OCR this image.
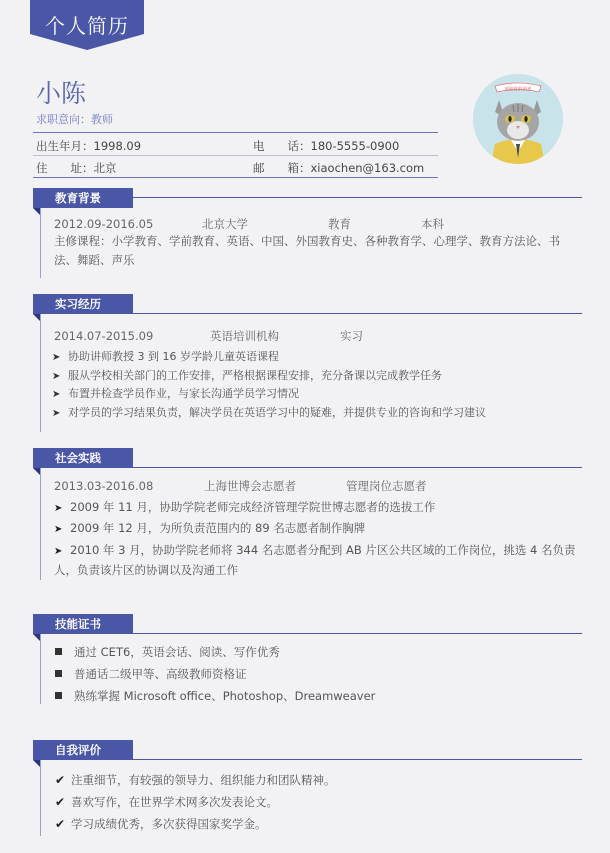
个人简历
小陈
求职意向：教师
欢迎你的到来
出生年月：1998.09	电　　话：180-5555-0900
住　　址：北京	邮　　箱：xiaochen@163.com
教育背景
2012.09-2016.05	北京大学	教育	本科
主修课程：小学教育、学前教育、英语、中国、外国教育史、各种教育学、心理学、教育方法论、书法、舞蹈、声乐
实习经历
2014.07-2015.09	英语培训机构	实习
➤ 协助讲师教授 3 到 16 岁学龄儿童英语课程
➤ 服从学校相关部门的工作安排，严格根据课程安排，充分备课以完成教学任务
➤ 布置并检查学员作业，与家长沟通学员学习情况
➤ 对学员的学习结果负责，解决学员在英语学习中的疑难，并提供专业的咨询和学习建议
社会实践
2013.03-2016.08	上海世博会志愿者	管理岗位志愿者
➤ 2009 年 11 月，协助学院老师完成经济管理学院世博志愿者的选拔工作
➤ 2009 年 12 月，为所负责范围内的 89 名志愿者制作胸牌
➤ 2010 年 3 月，协助学院老师将 344 名志愿者分配到 AB 片区公共区域的工作岗位，挑选 4 名负责人，负责该片区的协调以及沟通工作
技能证书
通过 CET6，英语会话、阅读、写作优秀
普通话二级甲等、高级教师资格证
熟练掌握 Microsoft office、Photoshop、Dreamweaver
自我评价
✔ 注重细节，有较强的领导力、组织能力和团队精神。
✔ 喜欢写作，在世界学术网多次发表论文。
✔ 学习成绩优秀，多次获得国家奖学金。
